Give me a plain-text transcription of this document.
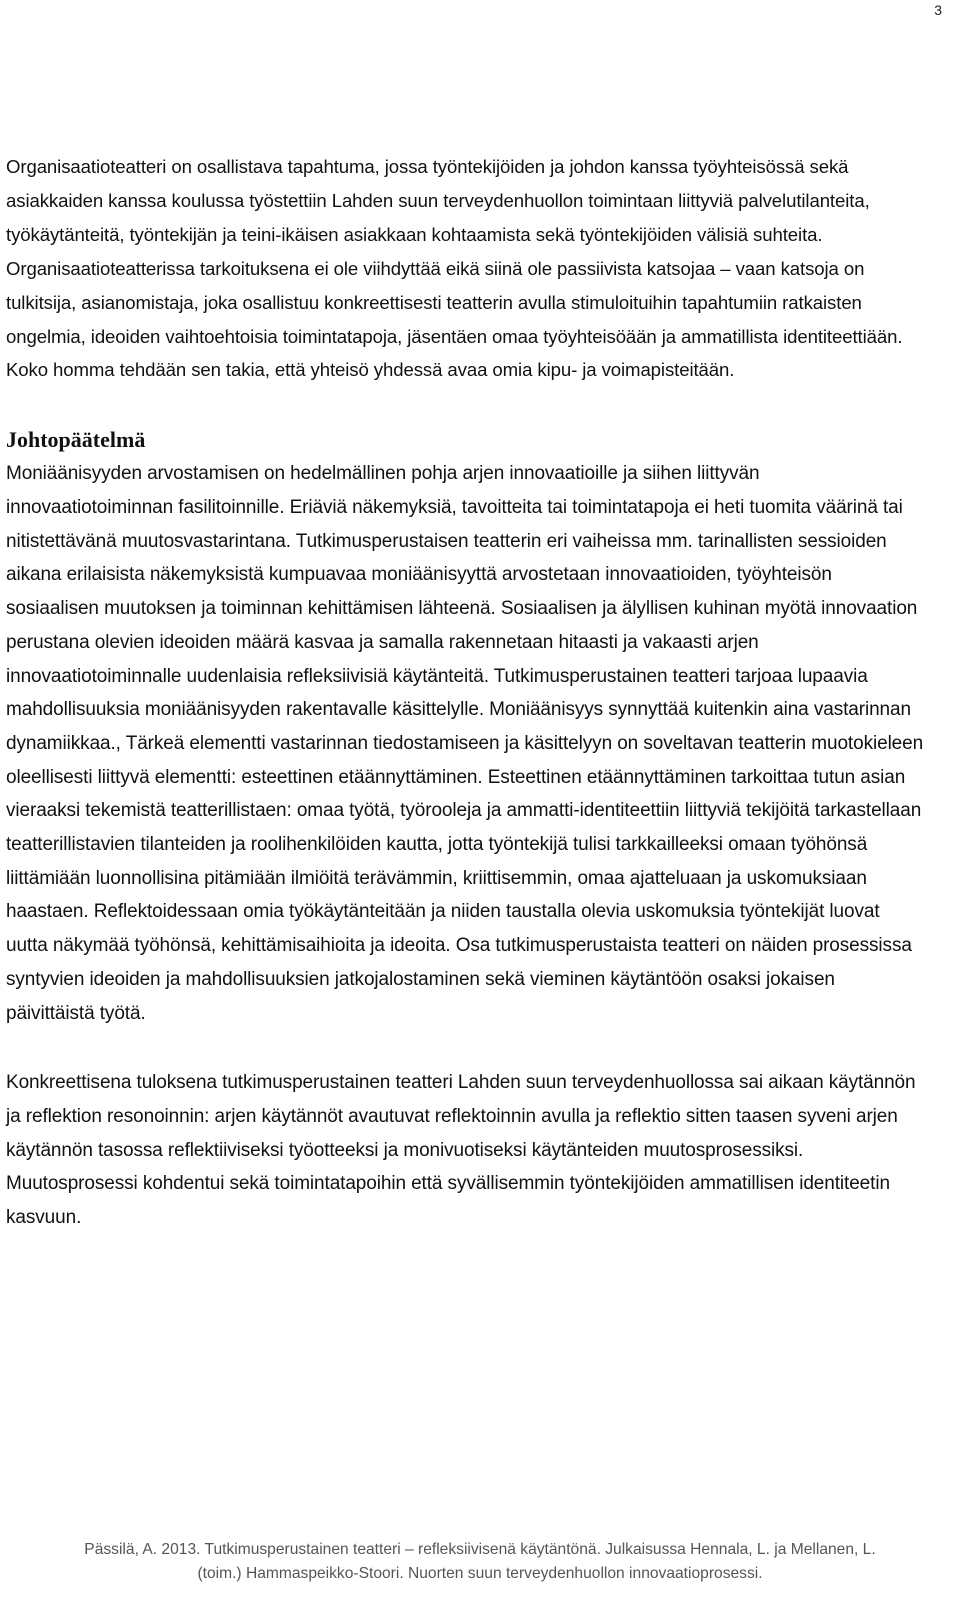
3

Organisaatioteatteri on osallistava tapahtuma, jossa työntekijöiden ja johdon kanssa työyhteisössä sekä asiakkaiden kanssa koulussa työstettiin Lahden suun terveydenhuollon toimintaan liittyviä palvelutilanteita, työkäytänteitä, työntekijän ja teini-ikäisen asiakkaan kohtaamista sekä työntekijöiden välisiä suhteita. Organisaatioteatterissa tarkoituksena ei ole viihdyttää eikä siinä ole passiivista katsojaa – vaan katsoja on tulkitsija, asianomistaja, joka osallistuu konkreettisesti teatterin avulla stimuloituihin tapahtumiin ratkaisten ongelmia, ideoiden vaihtoehtoisia toimintatapoja, jäsentäen omaa työyhteisöään ja ammatillista identiteettiään. Koko homma tehdään sen takia, että yhteisö yhdessä avaa omia kipu- ja voimapisteitään.

Johtopäätelmä

Moniäänisyyden arvostamisen on hedelmällinen pohja arjen innovaatioille ja siihen liittyvän innovaatiotoiminnan fasilitoinnille. Eriäviä näkemyksiä, tavoitteita tai toimintatapoja ei heti tuomita väärinä tai nitistettävänä muutosvastarintana. Tutkimusperustaisen teatterin eri vaiheissa mm. tarinallisten sessioiden aikana erilaisista näkemyksistä kumpuavaa moniäänisyyttä arvostetaan innovaatioiden, työyhteisön sosiaalisen muutoksen ja toiminnan kehittämisen lähteenä. Sosiaalisen ja älyllisen kuhinan myötä innovaation perustana olevien ideoiden määrä kasvaa ja samalla rakennetaan hitaasti ja vakaasti arjen innovaatiotoiminnalle uudenlaisia refleksiivisiä käytänteitä. Tutkimusperustainen teatteri tarjoaa lupaavia mahdollisuuksia moniäänisyyden rakentavalle käsittelylle. Moniäänisyys synnyttää kuitenkin aina vastarinnan dynamiikkaa., Tärkeä elementti vastarinnan tiedostamiseen ja käsittelyyn on soveltavan teatterin muotokieleen oleellisesti liittyvä elementti: esteettinen etäännyttäminen. Esteettinen etäännyttäminen tarkoittaa tutun asian vieraaksi tekemistä teatterillistaen: omaa työtä, työrooleja ja ammatti-identiteettiin liittyviä tekijöitä tarkastellaan teatterillistavien tilanteiden ja roolihenkilöiden kautta, jotta työntekijä tulisi tarkkailleeksi omaan työhönsä liittämiään luonnollisina pitämiään ilmiöitä terävämmin, kriittisemmin, omaa ajatteluaan ja uskomuksiaan haastaen. Reflektoidessaan omia työkäytänteitään ja niiden taustalla olevia uskomuksia työntekijät luovat uutta näkymää työhönsä, kehittämisaihioita ja ideoita. Osa tutkimusperustaista teatteri on näiden prosessissa syntyvien ideoiden ja mahdollisuuksien jatkojalostaminen sekä vieminen käytäntöön osaksi jokaisen päivittäistä työtä.

Konkreettisena tuloksena tutkimusperustainen teatteri Lahden suun terveydenhuollossa sai aikaan käytännön ja reflektion resonoinnin: arjen käytännöt avautuvat reflektoinnin avulla ja reflektio sitten taasen syveni arjen käytännön tasossa reflektiiviseksi työotteeksi ja monivuotiseksi käytänteiden muutosprosessiksi. Muutosprosessi kohdentui sekä toimintatapoihin että syvällisemmin työntekijöiden ammatillisen identiteetin kasvuun.

Pässilä, A. 2013. Tutkimusperustainen teatteri – refleksiivisenä käytäntönä. Julkaisussa Hennala, L. ja Mellanen, L.
(toim.) Hammaspeikko-Stoori. Nuorten suun terveydenhuollon innovaatioprosessi.
